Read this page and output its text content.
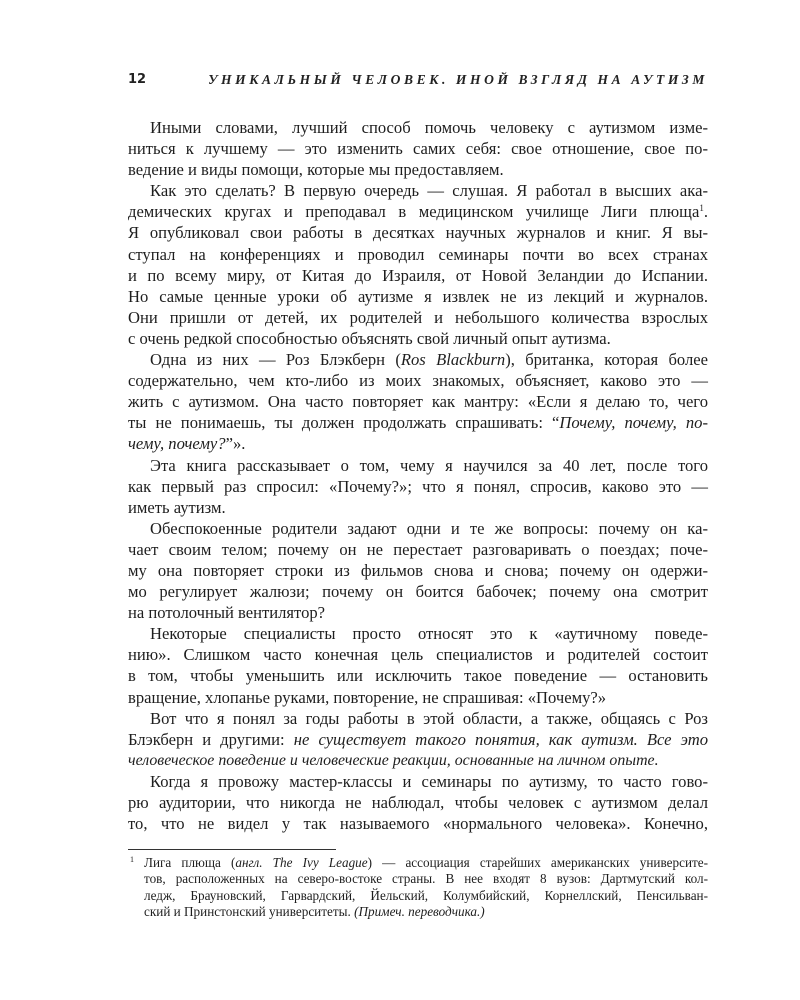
12	УНИКАЛЬНЫЙ ЧЕЛОВЕК. ИНОЙ ВЗГЛЯД НА АУТИЗМ
Иными словами, лучший способ помочь человеку с аутизмом изме-
ниться к лучшему — это изменить самих себя: свое отношение, свое по-
ведение и виды помощи, которые мы предоставляем.
Как это сделать? В первую очередь — слушая. Я работал в высших ака-
демических кругах и преподавал в медицинском училище Лиги плюща$^1$.
Я опубликовал свои работы в десятках научных журналов и книг. Я вы-
ступал на конференциях и проводил семинары почти во всех странах
и по всему миру, от Китая до Израиля, от Новой Зеландии до Испании.
Но самые ценные уроки об аутизме я извлек не из лекций и журналов.
Они пришли от детей, их родителей и небольшого количества взрослых
с очень редкой способностью объяснять свой личный опыт аутизма.
Одна из них — Роз Блэкберн (Ros Blackburn), британка, которая более
содержательно, чем кто-либо из моих знакомых, объясняет, каково это —
жить с аутизмом. Она часто повторяет как мантру: «Если я делаю то, чего
ты не понимаешь, ты должен продолжать спрашивать: “Почему, почему, по-
чему, почему?”».
Эта книга рассказывает о том, чему я научился за 40 лет, после того
как первый раз спросил: «Почему?»; что я понял, спросив, каково это —
иметь аутизм.
Обеспокоенные родители задают одни и те же вопросы: почему он ка-
чает своим телом; почему он не перестает разговаривать о поездах; поче-
му она повторяет строки из фильмов снова и снова; почему он одержи-
мо регулирует жалюзи; почему он боится бабочек; почему она смотрит
на потолочный вентилятор?
Некоторые специалисты просто относят это к «аутичному поведе-
нию». Слишком часто конечная цель специалистов и родителей состоит
в том, чтобы уменьшить или исключить такое поведение — остановить
вращение, хлопанье руками, повторение, не спрашивая: «Почему?»
Вот что я понял за годы работы в этой области, а также, общаясь с Роз
Блэкберн и другими: не существует такого понятия, как аутизм. Все это
человеческое поведение и человеческие реакции, основанные на личном опыте.
Когда я провожу мастер-классы и семинары по аутизму, то часто гово-
рю аудитории, что никогда не наблюдал, чтобы человек с аутизмом делал
то, что не видел у так называемого «нормального человека». Конечно,
1 Лига плюща (англ. The Ivy League) — ассоциация старейших американских университе-
тов, расположенных на северо-востоке страны. В нее входят 8 вузов: Дартмутский кол-
ледж, Брауновский, Гарвардский, Йельский, Колумбийский, Корнеллский, Пенсильван-
ский и Принстонский университеты. (Примеч. переводчика.)
